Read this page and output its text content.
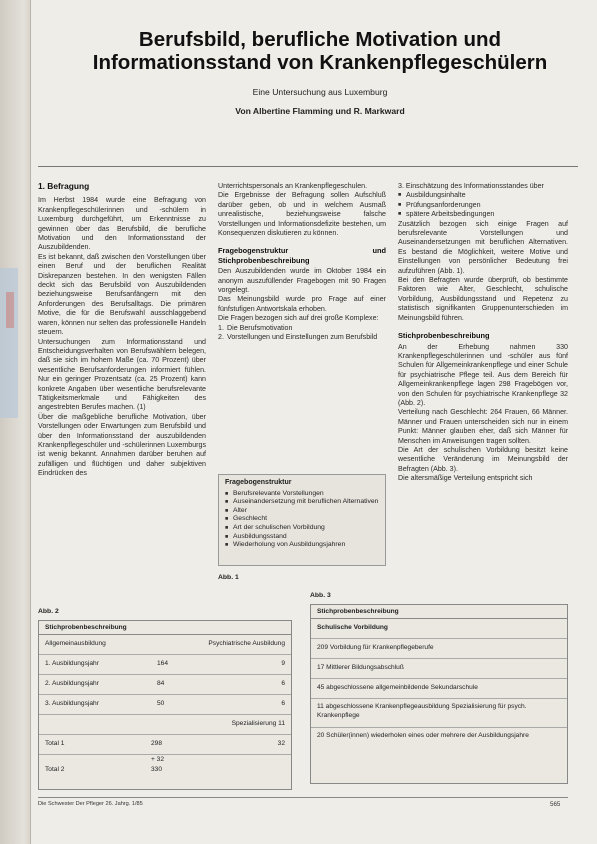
Berufsbild, berufliche Motivation und
Informationsstand von Krankenpflegeschülern
Eine Untersuchung aus Luxemburg
Von Albertine Flamming und R. Markward
1. Befragung

Im Herbst 1984 wurde eine Befragung von Krankenpflegeschülerinnen und -schülern in Luxemburg durchgeführt, um Erkenntnisse zu gewinnen über das Berufsbild, die berufliche Motivation und den Informationsstand der Auszubildenden.

Es ist bekannt, daß zwischen den Vorstellungen über einen Beruf und der beruflichen Realität Diskrepanzen bestehen. In den wenigsten Fällen deckt sich das Berufsbild von Auszubildenden beziehungsweise Berufsanfängern mit den Anforderungen des Berufsalltags. Die primären Motive, die für die Berufswahl ausschlaggebend waren, können nur selten das professionelle Handeln steuern.

Untersuchungen zum Informationsstand und Entscheidungsverhalten von Berufswählern belegen, daß sie sich im hohem Maße (ca. 70 Prozent) über wesentliche Berufsanforderungen informiert fühlen. Nur ein geringer Prozentsatz (ca. 25 Prozent) kann konkrete Angaben über wesentliche berufsrelevante Tätigkeitsmerkmale und Fähigkeiten des angestrebten Berufes machen. (1)

Über die maßgebliche berufliche Motivation, über Vorstellungen oder Erwartungen zum Berufsbild und über den Informationsstand der auszubildenden Krankenpflegeschüler und -schülerinnen Luxemburgs ist wenig bekannt. Annahmen darüber beruhen auf zufälligen und flüchtigen und daher subjektiven Eindrücken des

Unterrichtspersonals an Krankenpflegeschulen.

Die Ergebnisse der Befragung sollen Aufschluß darüber geben, ob und in welchem Ausmaß unrealistische, beziehungsweise falsche Vorstellungen und Informationsdefizite bestehen, um Konsequenzen diskutieren zu können.

Fragebogenstruktur und Stichprobenbeschreibung

Den Auszubildenden wurde im Oktober 1984 ein anonym auszufüllender Fragebogen mit 90 Fragen vorgelegt.

Das Meinungsbild wurde pro Frage auf einer fünfstufigen Antwortskala erhoben.

Die Fragen bezogen sich auf drei große Komplexe:

1. Die Berufsmotivation
2. Vorstellungen und Einstellungen zum Berufsbild
Fragebogenstruktur
■ Berufsrelevante Vorstellungen
■ Auseinandersetzung mit beruflichen Alternativen
■ Alter
■ Geschlecht
■ Art der schulischen Vorbildung
■ Ausbildungsstand
■ Wiederholung von Ausbildungsjahren
Abb. 1

3. Einschätzung des Informationsstandes über

■ Ausbildungsinhalte
■ Prüfungsanforderungen
■ spätere Arbeitsbedingungen

Zusätzlich bezogen sich einige Fragen auf berufsrelevante Vorstellungen und Auseinandersetzungen mit beruflichen Alternativen. Es bestand die Möglichkeit, weitere Motive und Einstellungen von persönlicher Bedeutung frei aufzuführen (Abb. 1).

Bei den Befragten wurde überprüft, ob bestimmte Faktoren wie Alter, Geschlecht, schulische Vorbildung, Ausbildungsstand und Repetenz zu statistisch signifikanten Gruppenunterschieden im Meinungsbild führen.

Stichprobenbeschreibung

An der Erhebung nahmen 330 Krankenpflegeschülerinnen und -schüler aus fünf Schulen für Allgemeinkrankenpflege und einer Schule für psychiatrische Pflege teil. Aus dem Bereich für Allgemeinkrankenpflege lagen 298 Fragebögen vor, von den Schulen für psychiatrische Krankenpflege 32 (Abb. 2).

Verteilung nach Geschlecht: 264 Frauen, 66 Männer. Männer und Frauen unterscheiden sich nur in einem Punkt: Männer glauben eher, daß sich Männer für Menschen im Anweisungen tragen sollten.

Die Art der schulischen Vorbildung besitzt keine wesentliche Veränderung im Meinungsbild der Befragten (Abb. 3).

Die altersmäßige Verteilung entspricht sich

Abb. 2
Stichprobenbeschreibung
Allgemeinausbildung	Psychiatrische Ausbildung
1. Ausbildungsjahr	164	9
2. Ausbildungsjahr	84	6
3. Ausbildungsjahr	50	6
Spezialisierung 11
Total 1	298	32
+ 32
Total 2	330
Abb. 3
Stichprobenbeschreibung
Schulische Vorbildung
209 Vorbildung für Krankenpflegeberufe
17 Mittlerer Bildungsabschluß
45 abgeschlossene allgemeinbildende Sekundarschule
11 abgeschlossene Krankenpflegeausbildung Spezialisierung für psych. Krankenpflege
20 Schüler(innen) wiederholen eines oder mehrere der Ausbildungsjahre
Die Schwester Der Pfleger 26. Jahrg. 1/85	565
